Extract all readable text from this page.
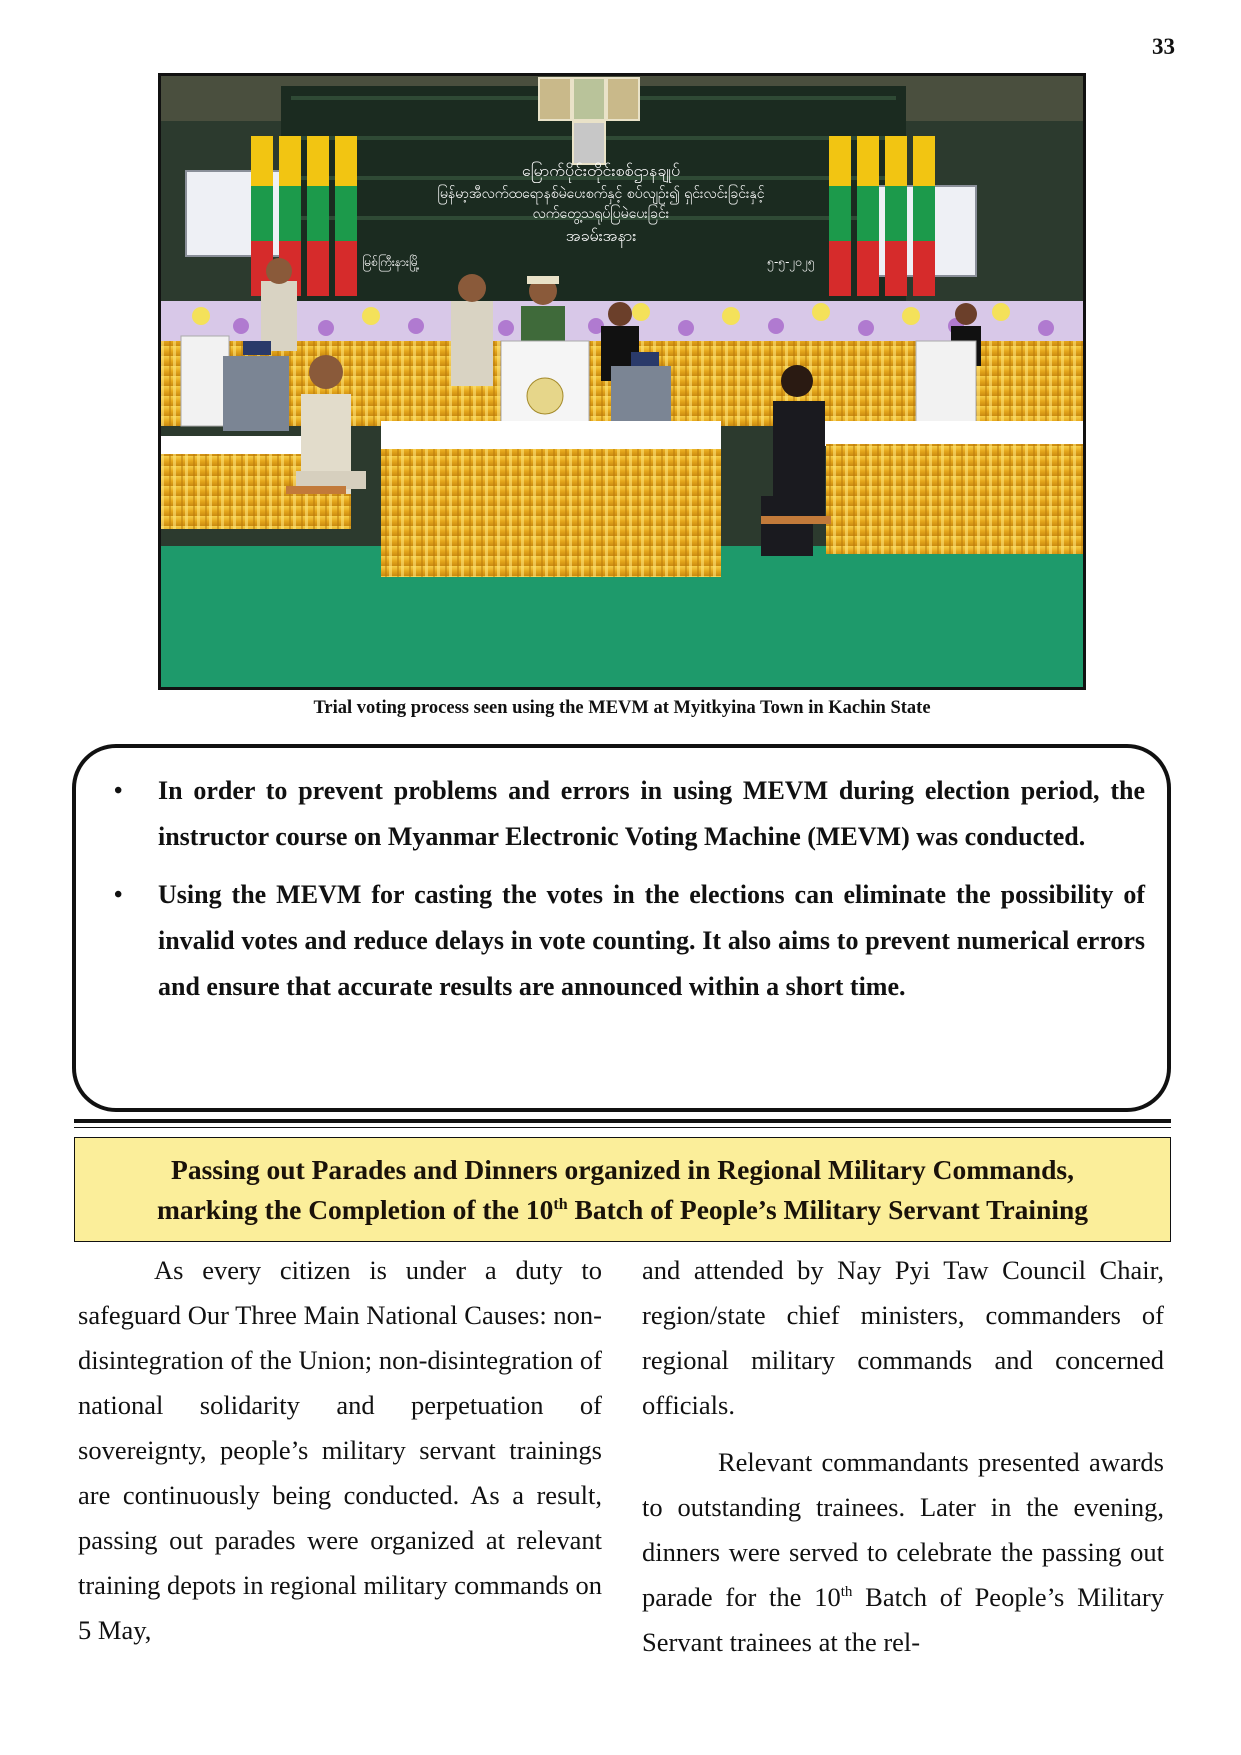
33
မြောက်ပိုင်းတိုင်းစစ်ဌာနချုပ်
မြန်မာ့အီလက်ထရောနစ်မဲပေးစက်နှင့် စပ်လျဉ်း၍ ရှင်းလင်းခြင်းနှင့်
လက်တွေ့သရုပ်ပြမဲပေးခြင်း
အခမ်းအနား
မြစ်ကြီးနားမြို့	၅-၅-၂၀၂၅
Trial voting process seen using the MEVM at Myitkyina Town in Kachin State
• In order to prevent problems and errors in using MEVM during election period, the instructor course on Myanmar Electronic Voting Machine (MEVM) was conducted.
• Using the MEVM for casting the votes in the elections can eliminate the possibility of invalid votes and reduce delays in vote counting. It also aims to prevent numerical errors and ensure that accurate results are announced within a short time.
Passing out Parades and Dinners organized in Regional Military Commands,
marking the Completion of the 10th Batch of People’s Military Servant Training

As every citizen is under a duty to safeguard Our Three Main National Causes: non-disintegration of the Union; non-disintegration of national solidarity and perpetuation of sovereignty, people’s military servant trainings are continuously being conducted. As a result, passing out parades were organized at relevant training depots in regional military commands on 5 May,

and attended by Nay Pyi Taw Council Chair, region/state chief ministers, commanders of regional military commands and concerned officials.

Relevant commandants presented awards to outstanding trainees. Later in the evening, dinners were served to celebrate the passing out parade for the 10th Batch of People’s Military Servant trainees at the rel-
